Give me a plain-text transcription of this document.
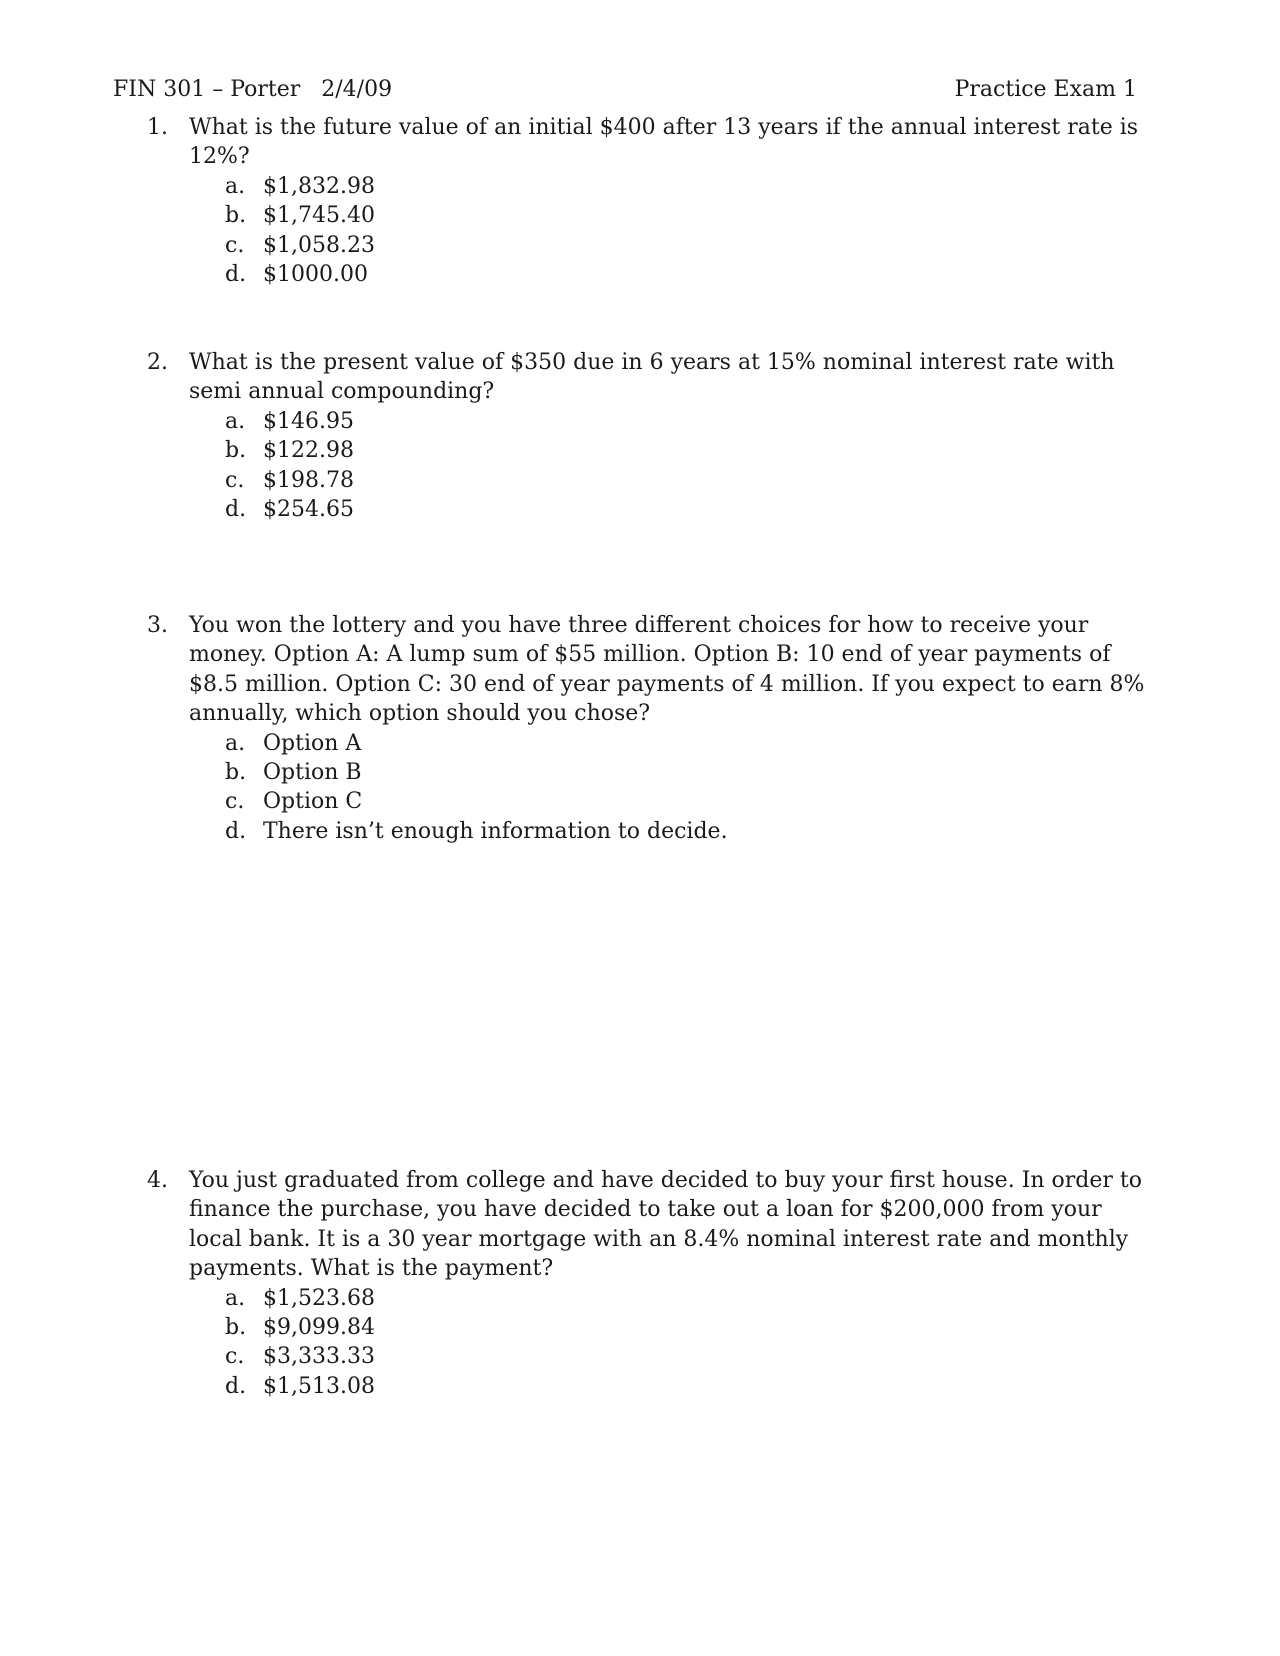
FIN 301 – Porter 2/4/09	Practice Exam 1
1. What is the future value of an initial $400 after 13 years if the annual interest rate is 12%?
a. $1,832.98
b. $1,745.40
c. $1,058.23
d. $1000.00
2. What is the present value of $350 due in 6 years at 15% nominal interest rate with semi annual compounding?
a. $146.95
b. $122.98
c. $198.78
d. $254.65
3. You won the lottery and you have three different choices for how to receive your money. Option A: A lump sum of $55 million. Option B: 10 end of year payments of $8.5 million. Option C: 30 end of year payments of 4 million. If you expect to earn 8% annually, which option should you chose?
a. Option A
b. Option B
c. Option C
d. There isn’t enough information to decide.
4. You just graduated from college and have decided to buy your first house. In order to finance the purchase, you have decided to take out a loan for $200,000 from your local bank. It is a 30 year mortgage with an 8.4% nominal interest rate and monthly payments. What is the payment?
a. $1,523.68
b. $9,099.84
c. $3,333.33
d. $1,513.08
